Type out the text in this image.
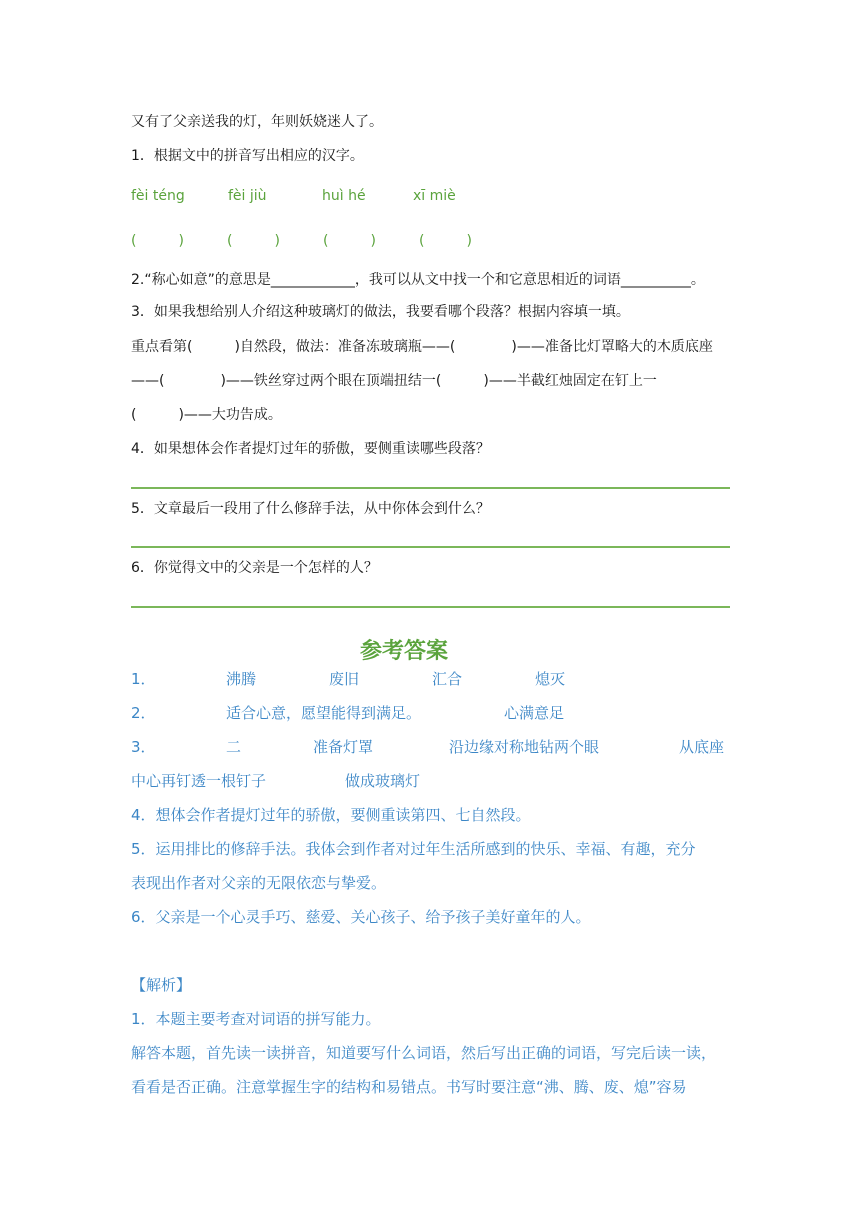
又有了父亲送我的灯，年则妖娆迷人了。
1．根据文中的拼音写出相应的汉字。
fèi téng	fèi jiù	huì hé	xī miè
(　　　)	(　　　)	(　　　)	(　　　)
2.“称心如意”的意思是____________，我可以从文中找一个和它意思相近的词语__________。
3．如果我想给别人介绍这种玻璃灯的做法，我要看哪个段落？根据内容填一填。
重点看第(　　　)自然段，做法：准备冻玻璃瓶——(　　　　)——准备比灯罩略大的木质底座
——(　　　　)——铁丝穿过两个眼在顶端扭结一(　　　)——半截红烛固定在钉上一
(　　　)——大功告成。
4．如果想体会作者提灯过年的骄傲，要侧重读哪些段落？
5．文章最后一段用了什么修辞手法，从中你体会到什么？
6．你觉得文中的父亲是一个怎样的人？
参考答案
1．	沸腾	废旧	汇合	熄灭
2．	适合心意，愿望能得到满足。	心满意足
3．	二	准备灯罩	沿边缘对称地钻两个眼	从底座
中心再钉透一根钉子	做成玻璃灯
4．想体会作者提灯过年的骄傲，要侧重读第四、七自然段。
5．运用排比的修辞手法。我体会到作者对过年生活所感到的快乐、幸福、有趣，充分
表现出作者对父亲的无限依恋与挚爱。
6．父亲是一个心灵手巧、慈爱、关心孩子、给予孩子美好童年的人。
【解析】
1．本题主要考查对词语的拼写能力。
解答本题，首先读一读拼音，知道要写什么词语，然后写出正确的词语，写完后读一读，
看看是否正确。注意掌握生字的结构和易错点。书写时要注意“沸、腾、废、熄”容易
